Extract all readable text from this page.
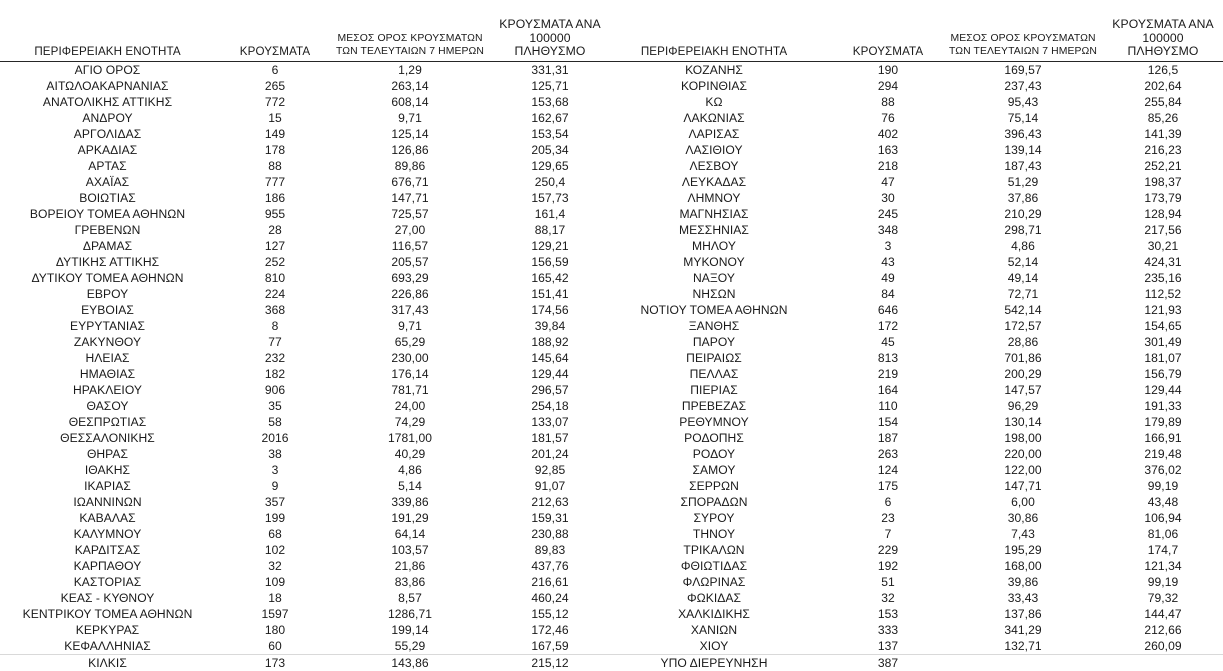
ΠΕΡΙΦΕΡΕΙΑΚΗ ΕΝΟΤΗΤΑ	ΚΡΟΥΣΜΑΤΑ	ΜΕΣΟΣ ΟΡΟΣ ΚΡΟΥΣΜΑΤΩΝ
ΤΩΝ ΤΕΛΕΥΤΑΙΩΝ 7 ΗΜΕΡΩΝ	ΚΡΟΥΣΜΑΤΑ ΑΝΑ 100000
ΠΛΗΘΥΣΜΟ

ΑΓΙΟ ΟΡΟΣ	6	1,29	331,31
ΑΙΤΩΛΟΑΚΑΡΝΑΝΙΑΣ	265	263,14	125,71
ΑΝΑΤΟΛΙΚΗΣ ΑΤΤΙΚΗΣ	772	608,14	153,68
ΑΝΔΡΟΥ	15	9,71	162,67
ΑΡΓΟΛΙΔΑΣ	149	125,14	153,54
ΑΡΚΑΔΙΑΣ	178	126,86	205,34
ΑΡΤΑΣ	88	89,86	129,65
ΑΧΑΪΑΣ	777	676,71	250,4
ΒΟΙΩΤΙΑΣ	186	147,71	157,73
ΒΟΡΕΙΟΥ ΤΟΜΕΑ ΑΘΗΝΩΝ	955	725,57	161,4
ΓΡΕΒΕΝΩΝ	28	27,00	88,17
ΔΡΑΜΑΣ	127	116,57	129,21
ΔΥΤΙΚΗΣ ΑΤΤΙΚΗΣ	252	205,57	156,59
ΔΥΤΙΚΟΥ ΤΟΜΕΑ ΑΘΗΝΩΝ	810	693,29	165,42
ΕΒΡΟΥ	224	226,86	151,41
ΕΥΒΟΙΑΣ	368	317,43	174,56
ΕΥΡΥΤΑΝΙΑΣ	8	9,71	39,84
ΖΑΚΥΝΘΟΥ	77	65,29	188,92
ΗΛΕΙΑΣ	232	230,00	145,64
ΗΜΑΘΙΑΣ	182	176,14	129,44
ΗΡΑΚΛΕΙΟΥ	906	781,71	296,57
ΘΑΣΟΥ	35	24,00	254,18
ΘΕΣΠΡΩΤΙΑΣ	58	74,29	133,07
ΘΕΣΣΑΛΟΝΙΚΗΣ	2016	1781,00	181,57
ΘΗΡΑΣ	38	40,29	201,24
ΙΘΑΚΗΣ	3	4,86	92,85
ΙΚΑΡΙΑΣ	9	5,14	91,07
ΙΩΑΝΝΙΝΩΝ	357	339,86	212,63
ΚΑΒΑΛΑΣ	199	191,29	159,31
ΚΑΛΥΜΝΟΥ	68	64,14	230,88
ΚΑΡΔΙΤΣΑΣ	102	103,57	89,83
ΚΑΡΠΑΘΟΥ	32	21,86	437,76
ΚΑΣΤΟΡΙΑΣ	109	83,86	216,61
ΚΕΑΣ - ΚΥΘΝΟΥ	18	8,57	460,24
ΚΕΝΤΡΙΚΟΥ ΤΟΜΕΑ ΑΘΗΝΩΝ	1597	1286,71	155,12
ΚΕΡΚΥΡΑΣ	180	199,14	172,46
ΚΕΦΑΛΛΗΝΙΑΣ	60	55,29	167,59
ΚΙΛΚΙΣ	173	143,86	215,12
ΠΕΡΙΦΕΡΕΙΑΚΗ ΕΝΟΤΗΤΑ	ΚΡΟΥΣΜΑΤΑ	ΜΕΣΟΣ ΟΡΟΣ ΚΡΟΥΣΜΑΤΩΝ
ΤΩΝ ΤΕΛΕΥΤΑΙΩΝ 7 ΗΜΕΡΩΝ	ΚΡΟΥΣΜΑΤΑ ΑΝΑ 100000
ΠΛΗΘΥΣΜΟ

ΚΟΖΑΝΗΣ	190	169,57	126,5
ΚΟΡΙΝΘΙΑΣ	294	237,43	202,64
ΚΩ	88	95,43	255,84
ΛΑΚΩΝΙΑΣ	76	75,14	85,26
ΛΑΡΙΣΑΣ	402	396,43	141,39
ΛΑΣΙΘΙΟΥ	163	139,14	216,23
ΛΕΣΒΟΥ	218	187,43	252,21
ΛΕΥΚΑΔΑΣ	47	51,29	198,37
ΛΗΜΝΟΥ	30	37,86	173,79
ΜΑΓΝΗΣΙΑΣ	245	210,29	128,94
ΜΕΣΣΗΝΙΑΣ	348	298,71	217,56
ΜΗΛΟΥ	3	4,86	30,21
ΜΥΚΟΝΟΥ	43	52,14	424,31
ΝΑΞΟΥ	49	49,14	235,16
ΝΗΣΩΝ	84	72,71	112,52
ΝΟΤΙΟΥ ΤΟΜΕΑ ΑΘΗΝΩΝ	646	542,14	121,93
ΞΑΝΘΗΣ	172	172,57	154,65
ΠΑΡΟΥ	45	28,86	301,49
ΠΕΙΡΑΙΩΣ	813	701,86	181,07
ΠΕΛΛΑΣ	219	200,29	156,79
ΠΙΕΡΙΑΣ	164	147,57	129,44
ΠΡΕΒΕΖΑΣ	110	96,29	191,33
ΡΕΘΥΜΝΟΥ	154	130,14	179,89
ΡΟΔΟΠΗΣ	187	198,00	166,91
ΡΟΔΟΥ	263	220,00	219,48
ΣΑΜΟΥ	124	122,00	376,02
ΣΕΡΡΩΝ	175	147,71	99,19
ΣΠΟΡΑΔΩΝ	6	6,00	43,48
ΣΥΡΟΥ	23	30,86	106,94
ΤΗΝΟΥ	7	7,43	81,06
ΤΡΙΚΑΛΩΝ	229	195,29	174,7
ΦΘΙΩΤΙΔΑΣ	192	168,00	121,34
ΦΛΩΡΙΝΑΣ	51	39,86	99,19
ΦΩΚΙΔΑΣ	32	33,43	79,32
ΧΑΛΚΙΔΙΚΗΣ	153	137,86	144,47
ΧΑΝΙΩΝ	333	341,29	212,66
ΧΙΟΥ	137	132,71	260,09
ΥΠΟ ΔΙΕΡΕΥΝΗΣΗ	387		
